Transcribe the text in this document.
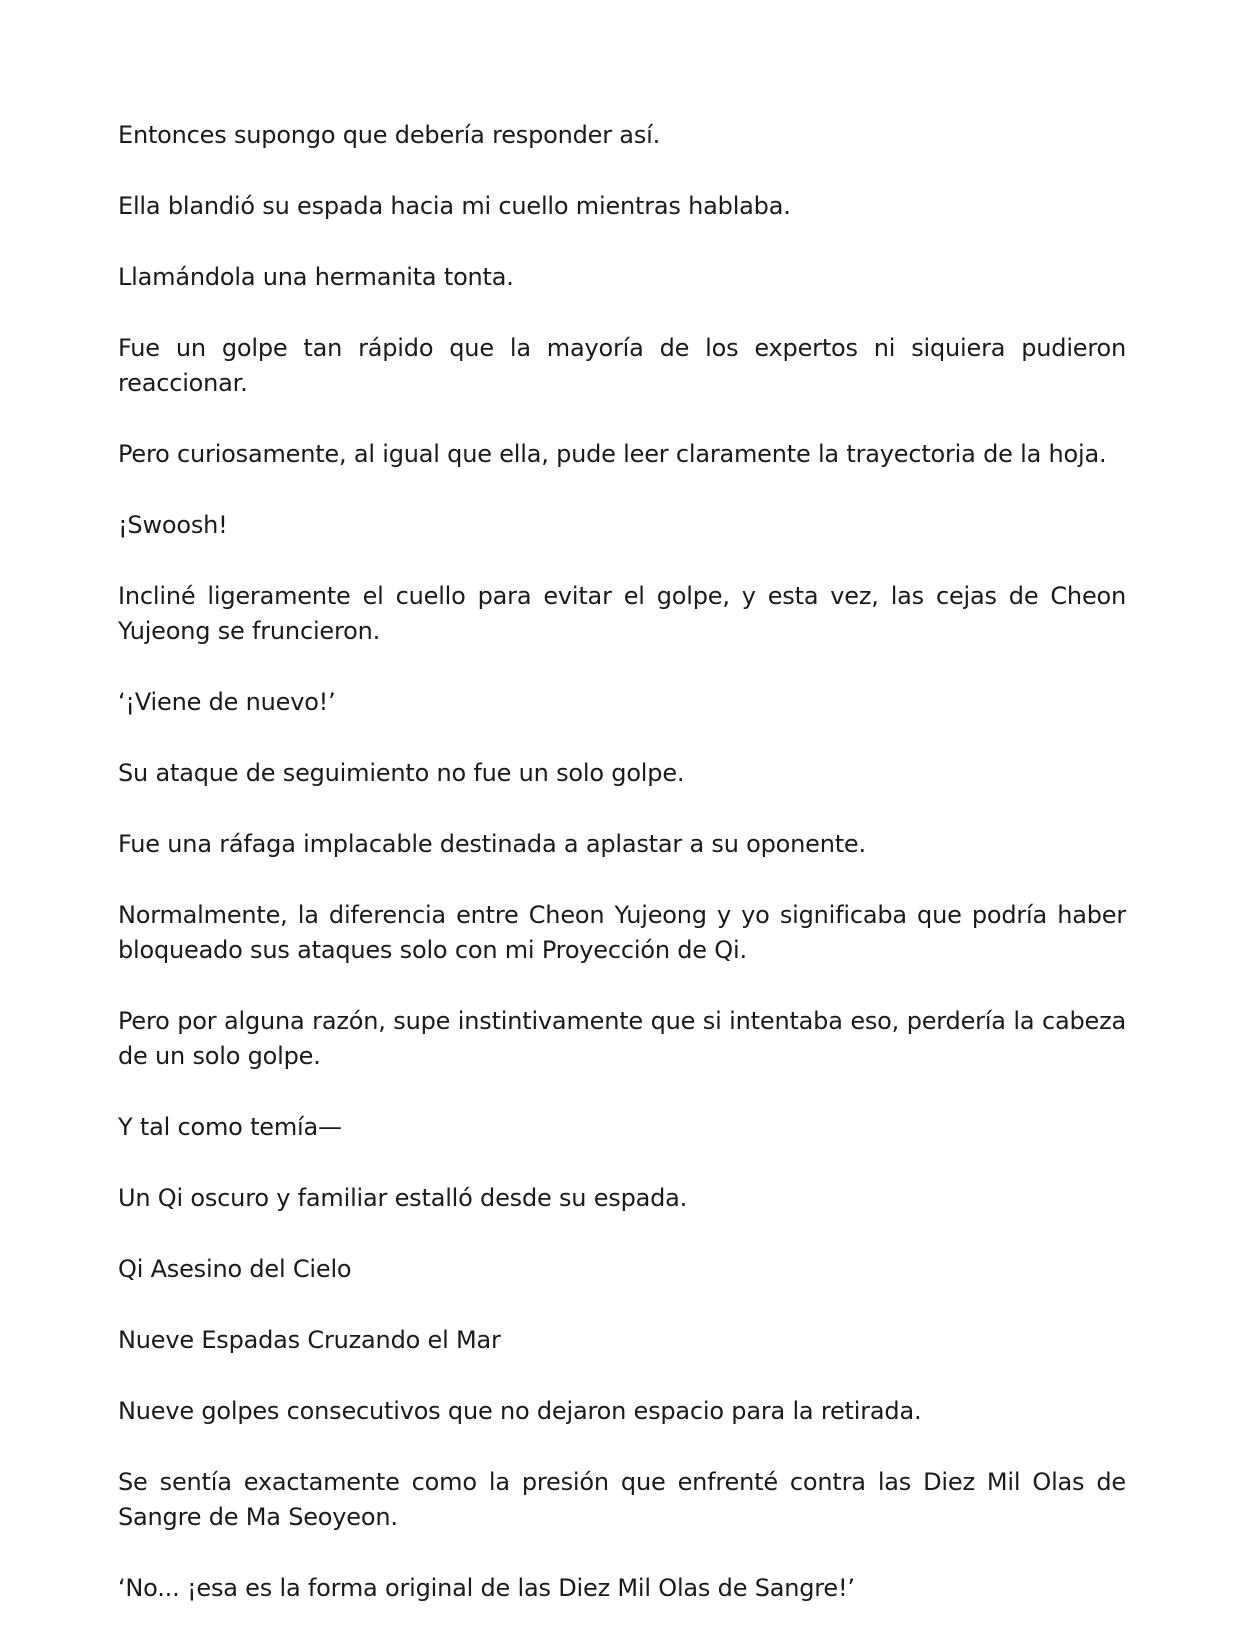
Entonces supongo que debería responder así.

Ella blandió su espada hacia mi cuello mientras hablaba.

Llamándola una hermanita tonta.

Fue un golpe tan rápido que la mayoría de los expertos ni siquiera pudieron reaccionar.

Pero curiosamente, al igual que ella, pude leer claramente la trayectoria de la hoja.

¡Swoosh!

Incliné ligeramente el cuello para evitar el golpe, y esta vez, las cejas de Cheon Yujeong se fruncieron.

‘¡Viene de nuevo!’

Su ataque de seguimiento no fue un solo golpe.

Fue una ráfaga implacable destinada a aplastar a su oponente.

Normalmente, la diferencia entre Cheon Yujeong y yo significaba que podría haber bloqueado sus ataques solo con mi Proyección de Qi.

Pero por alguna razón, supe instintivamente que si intentaba eso, perdería la cabeza de un solo golpe.

Y tal como temía—

Un Qi oscuro y familiar estalló desde su espada.

Qi Asesino del Cielo

Nueve Espadas Cruzando el Mar

Nueve golpes consecutivos que no dejaron espacio para la retirada.

Se sentía exactamente como la presión que enfrenté contra las Diez Mil Olas de Sangre de Ma Seoyeon.

‘No... ¡esa es la forma original de las Diez Mil Olas de Sangre!’
